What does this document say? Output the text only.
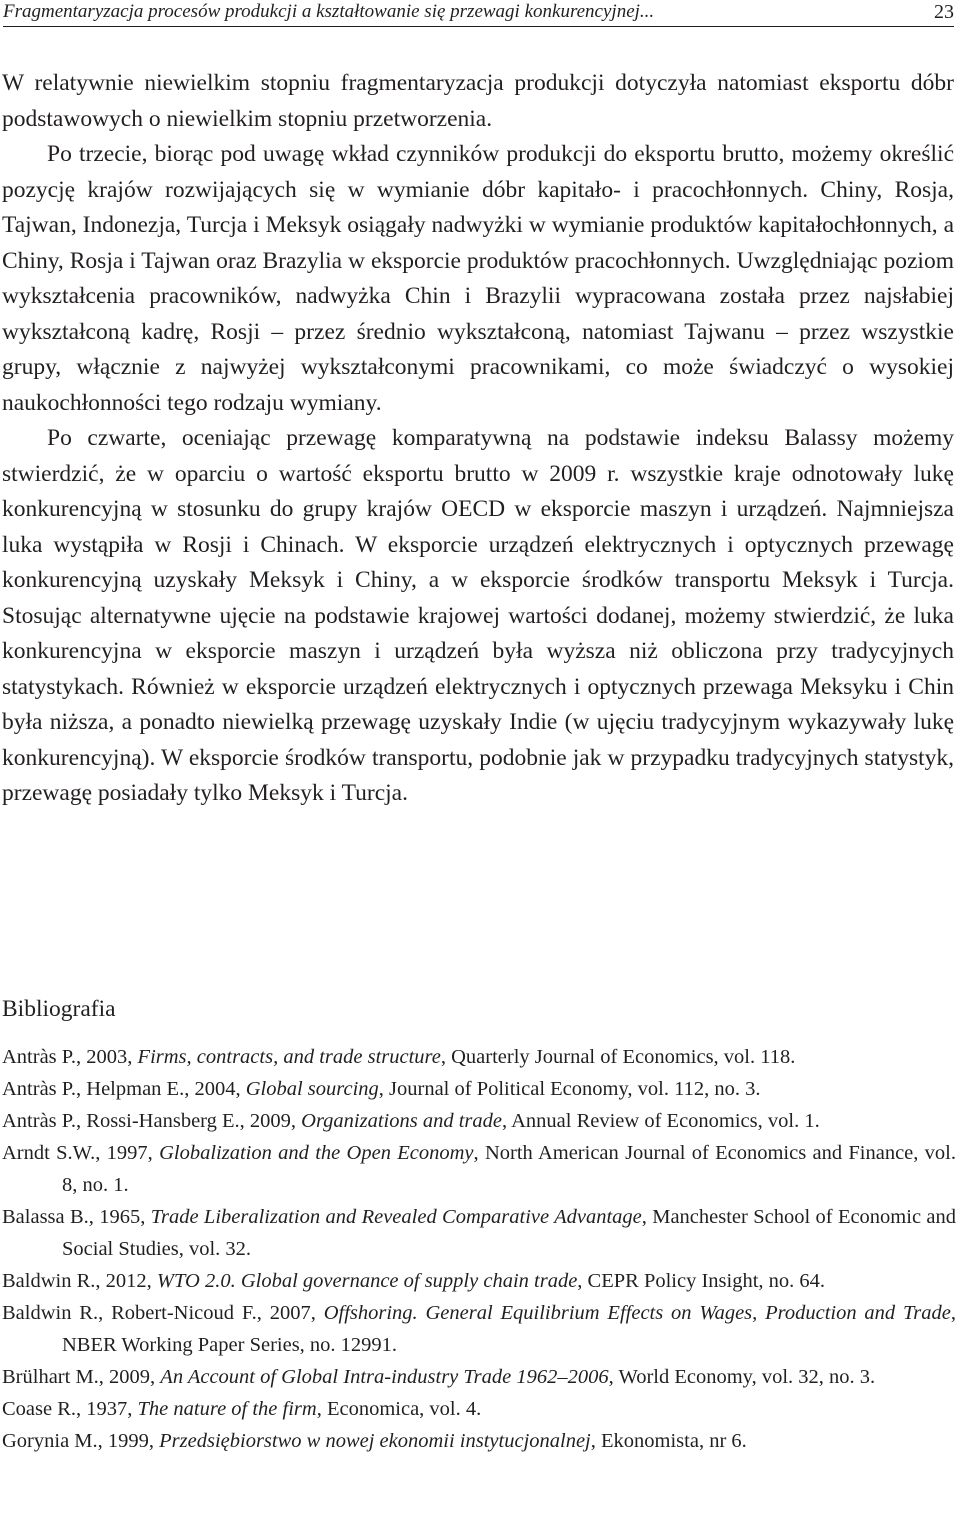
Fragmentaryzacja procesów produkcji a kształtowanie się przewagi konkurencyjnej...	23

W relatywnie niewielkim stopniu fragmentaryzacja produkcji dotyczyła natomiast eksportu dóbr podstawowych o niewielkim stopniu przetworzenia.

Po trzecie, biorąc pod uwagę wkład czynników produkcji do eksportu brutto, możemy określić pozycję krajów rozwijających się w wymianie dóbr kapitało- i pracochłonnych. Chiny, Rosja, Tajwan, Indonezja, Turcja i Meksyk osiągały nadwyżki w wymianie produktów kapitałochłonnych, a Chiny, Rosja i Tajwan oraz Brazylia w eksporcie produktów pracochłonnych. Uwzględniając poziom wykształcenia pracowników, nadwyżka Chin i Brazylii wypracowana została przez najsłabiej wykształconą kadrę, Rosji – przez średnio wykształconą, natomiast Tajwanu – przez wszystkie grupy, włącznie z najwyżej wykształconymi pracownikami, co może świadczyć o wysokiej naukochłonności tego rodzaju wymiany.

Po czwarte, oceniając przewagę komparatywną na podstawie indeksu Balassy możemy stwierdzić, że w oparciu o wartość eksportu brutto w 2009 r. wszystkie kraje odnotowały lukę konkurencyjną w stosunku do grupy krajów OECD w eksporcie maszyn i urządzeń. Najmniejsza luka wystąpiła w Rosji i Chinach. W eksporcie urządzeń elektrycznych i optycznych przewagę konkurencyjną uzyskały Meksyk i Chiny, a w eksporcie środków transportu Meksyk i Turcja. Stosując alternatywne ujęcie na podstawie krajowej wartości dodanej, możemy stwierdzić, że luka konkurencyjna w eksporcie maszyn i urządzeń była wyższa niż obliczona przy tradycyjnych statystykach. Również w eksporcie urządzeń elektrycznych i optycznych przewaga Meksyku i Chin była niższa, a ponadto niewielką przewagę uzyskały Indie (w ujęciu tradycyjnym wykazywały lukę konkurencyjną). W eksporcie środków transportu, podobnie jak w przypadku tradycyjnych statystyk, przewagę posiadały tylko Meksyk i Turcja.

Bibliografia
Antràs P., 2003, Firms, contracts, and trade structure, Quarterly Journal of Economics, vol. 118.
Antràs P., Helpman E., 2004, Global sourcing, Journal of Political Economy, vol. 112, no. 3.
Antràs P., Rossi-Hansberg E., 2009, Organizations and trade, Annual Review of Economics, vol. 1.
Arndt S.W., 1997, Globalization and the Open Economy, North American Journal of Economics and Finance, vol. 8, no. 1.
Balassa B., 1965, Trade Liberalization and Revealed Comparative Advantage, Manchester School of Economic and Social Studies, vol. 32.
Baldwin R., 2012, WTO 2.0. Global governance of supply chain trade, CEPR Policy Insight, no. 64.
Baldwin R., Robert-Nicoud F., 2007, Offshoring. General Equilibrium Effects on Wages, Production and Trade, NBER Working Paper Series, no. 12991.
Brülhart M., 2009, An Account of Global Intra-industry Trade 1962–2006, World Economy, vol. 32, no. 3.
Coase R., 1937, The nature of the firm, Economica, vol. 4.
Gorynia M., 1999, Przedsiębiorstwo w nowej ekonomii instytucjonalnej, Ekonomista, nr 6.
